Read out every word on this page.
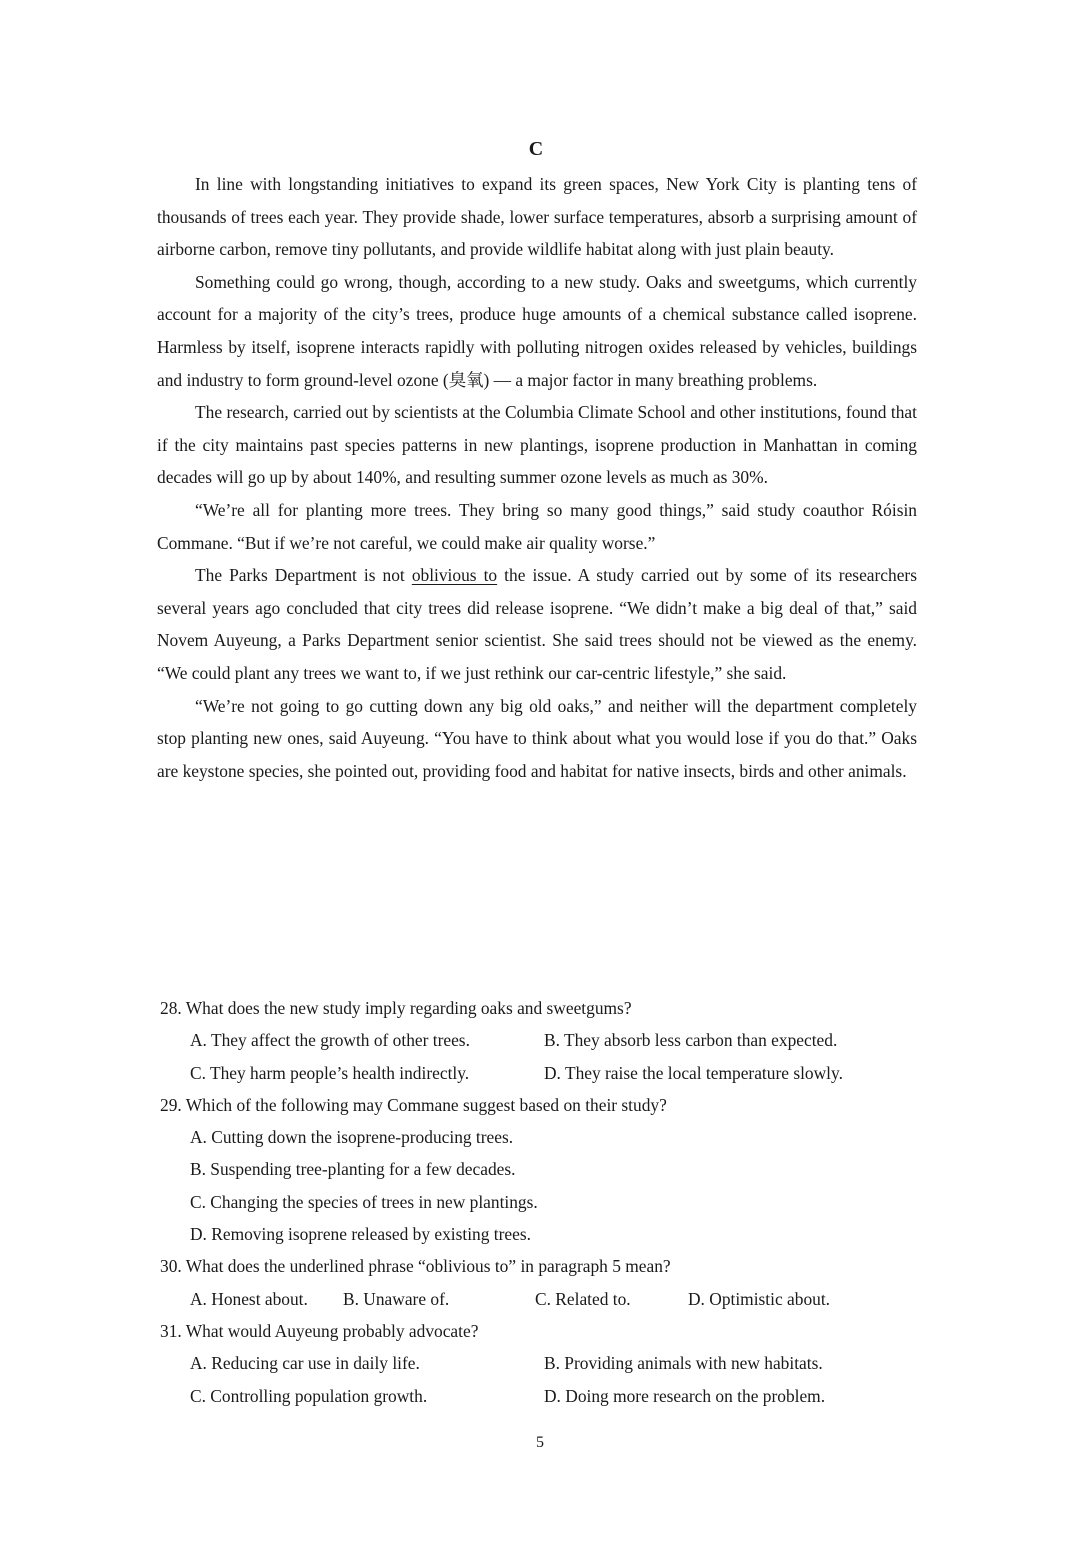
C

In line with longstanding initiatives to expand its green spaces, New York City is planting tens of thousands of trees each year. They provide shade, lower surface temperatures, absorb a surprising amount of airborne carbon, remove tiny pollutants, and provide wildlife habitat along with just plain beauty.

Something could go wrong, though, according to a new study. Oaks and sweetgums, which currently account for a majority of the city’s trees, produce huge amounts of a chemical substance called isoprene. Harmless by itself, isoprene interacts rapidly with polluting nitrogen oxides released by vehicles, buildings and industry to form ground-level ozone (臭氧) — a major factor in many breathing problems.

The research, carried out by scientists at the Columbia Climate School and other institutions, found that if the city maintains past species patterns in new plantings, isoprene production in Manhattan in coming decades will go up by about 140%, and resulting summer ozone levels as much as 30%.

“We’re all for planting more trees. They bring so many good things,” said study coauthor Róisin Commane. “But if we’re not careful, we could make air quality worse.”

The Parks Department is not oblivious to the issue. A study carried out by some of its researchers several years ago concluded that city trees did release isoprene. “We didn’t make a big deal of that,” said Novem Auyeung, a Parks Department senior scientist. She said trees should not be viewed as the enemy. “We could plant any trees we want to, if we just rethink our car-centric lifestyle,” she said.

“We’re not going to go cutting down any big old oaks,” and neither will the department completely stop planting new ones, said Auyeung. “You have to think about what you would lose if you do that.” Oaks are keystone species, she pointed out, providing food and habitat for native insects, birds and other animals.

28. What does the new study imply regarding oaks and sweetgums?

A. They affect the growth of other trees.	B. They absorb less carbon than expected.
C. They harm people’s health indirectly.	D. They raise the local temperature slowly.

29. Which of the following may Commane suggest based on their study?

A. Cutting down the isoprene-producing trees.
B. Suspending tree-planting for a few decades.
C. Changing the species of trees in new plantings.
D. Removing isoprene released by existing trees.

30. What does the underlined phrase “oblivious to” in paragraph 5 mean?

A. Honest about.	B. Unaware of.	C. Related to.	D. Optimistic about.

31. What would Auyeung probably advocate?

A. Reducing car use in daily life.	B. Providing animals with new habitats.
C. Controlling population growth.	D. Doing more research on the problem.
5
